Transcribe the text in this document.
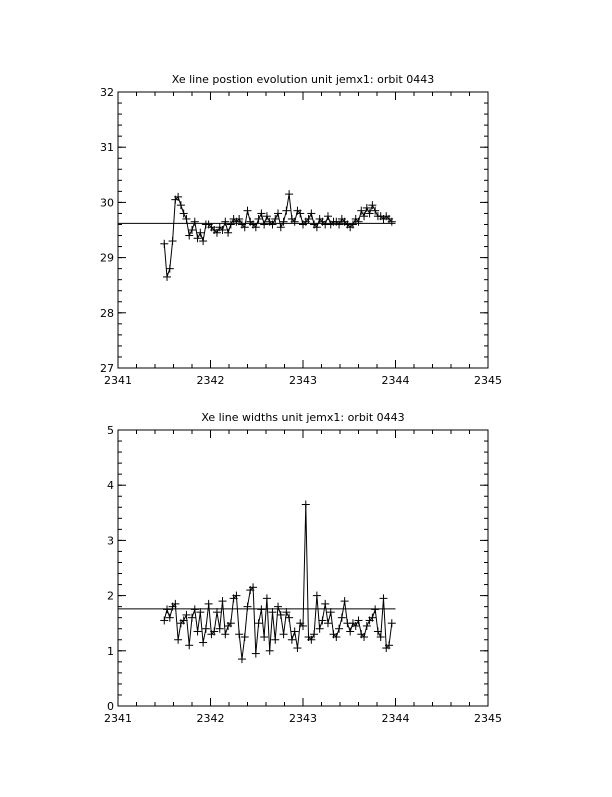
Xe line postion evolution unit jemx1: orbit 0443
2341	2342	2343	2344	2345
27
28
29
30
31
32
Xe line widths unit jemx1: orbit 0443
2341	2342	2343	2344	2345
0
1
2
3
4
5
